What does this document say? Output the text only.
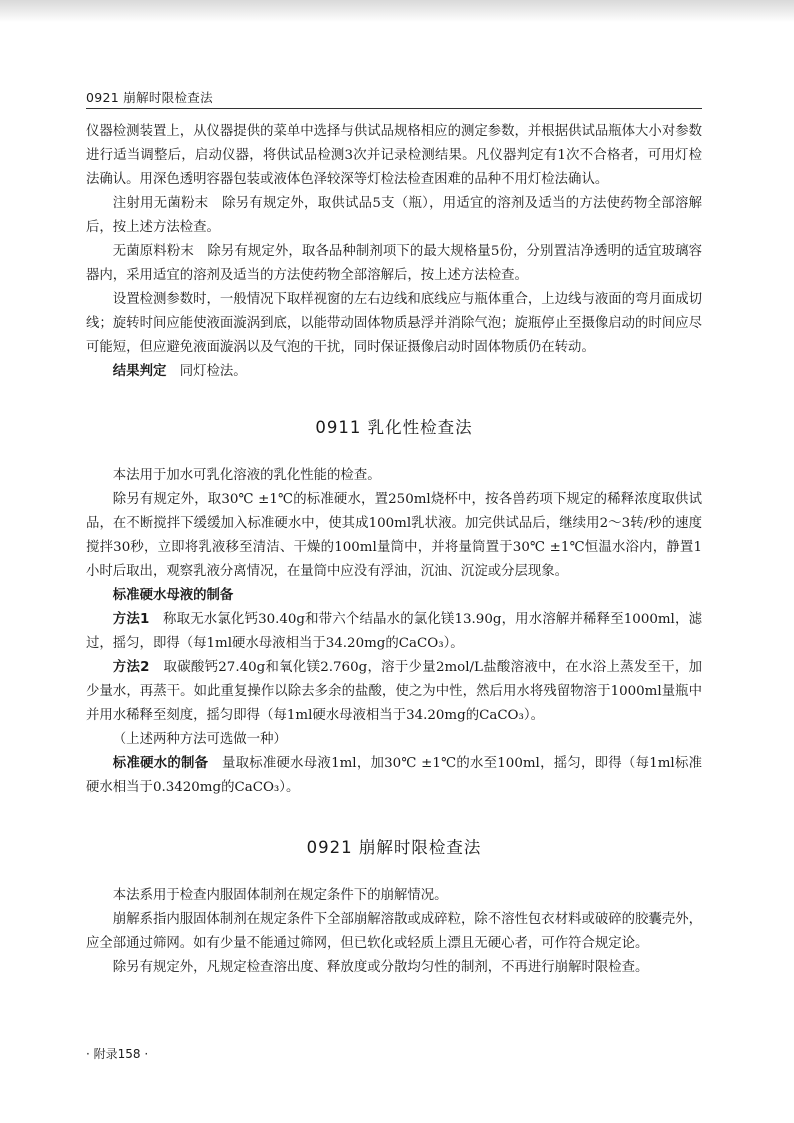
0921 崩解时限检查法

仪器检测装置上，从仪器提供的菜单中选择与供试品规格相应的测定参数，并根据供试品瓶体大小对参数进行适当调整后，启动仪器，将供试品检测3次并记录检测结果。凡仪器判定有1次不合格者，可用灯检法确认。用深色透明容器包装或液体色泽较深等灯检法检查困难的品种不用灯检法确认。

注射用无菌粉末　除另有规定外，取供试品5支（瓶），用适宜的溶剂及适当的方法使药物全部溶解后，按上述方法检查。

无菌原料粉末　除另有规定外，取各品种制剂项下的最大规格量5份，分别置洁净透明的适宜玻璃容器内，采用适宜的溶剂及适当的方法使药物全部溶解后，按上述方法检查。

设置检测参数时，一般情况下取样视窗的左右边线和底线应与瓶体重合，上边线与液面的弯月面成切线；旋转时间应能使液面漩涡到底，以能带动固体物质悬浮并消除气泡；旋瓶停止至摄像启动的时间应尽可能短，但应避免液面漩涡以及气泡的干扰，同时保证摄像启动时固体物质仍在转动。

结果判定　同灯检法。

0911 乳化性检查法

本法用于加水可乳化溶液的乳化性能的检查。

除另有规定外，取30℃ ±1℃的标准硬水，置250ml烧杯中，按各兽药项下规定的稀释浓度取供试品，在不断搅拌下缓缓加入标准硬水中，使其成100ml乳状液。加完供试品后，继续用2～3转/秒的速度搅拌30秒，立即将乳液移至清洁、干燥的100ml量筒中，并将量筒置于30℃ ±1℃恒温水浴内，静置1小时后取出，观察乳液分离情况，在量筒中应没有浮油，沉油、沉淀或分层现象。

标准硬水母液的制备

方法1　称取无水氯化钙30.40g和带六个结晶水的氯化镁13.90g，用水溶解并稀释至1000ml，滤过，摇匀，即得（每1ml硬水母液相当于34.20mg的CaCO₃）。

方法2　取碳酸钙27.40g和氧化镁2.760g，溶于少量2mol/L盐酸溶液中，在水浴上蒸发至干，加少量水，再蒸干。如此重复操作以除去多余的盐酸，使之为中性，然后用水将残留物溶于1000ml量瓶中并用水稀释至刻度，摇匀即得（每1ml硬水母液相当于34.20mg的CaCO₃）。

（上述两种方法可选做一种）

标准硬水的制备　量取标准硬水母液1ml，加30℃ ±1℃的水至100ml，摇匀，即得（每1ml标准硬水相当于0.3420mg的CaCO₃）。

0921 崩解时限检查法

本法系用于检查内服固体制剂在规定条件下的崩解情况。

崩解系指内服固体制剂在规定条件下全部崩解溶散或成碎粒，除不溶性包衣材料或破碎的胶囊壳外，应全部通过筛网。如有少量不能通过筛网，但已软化或轻质上漂且无硬心者，可作符合规定论。

除另有规定外，凡规定检查溶出度、释放度或分散均匀性的制剂，不再进行崩解时限检查。

· 附录158 ·
